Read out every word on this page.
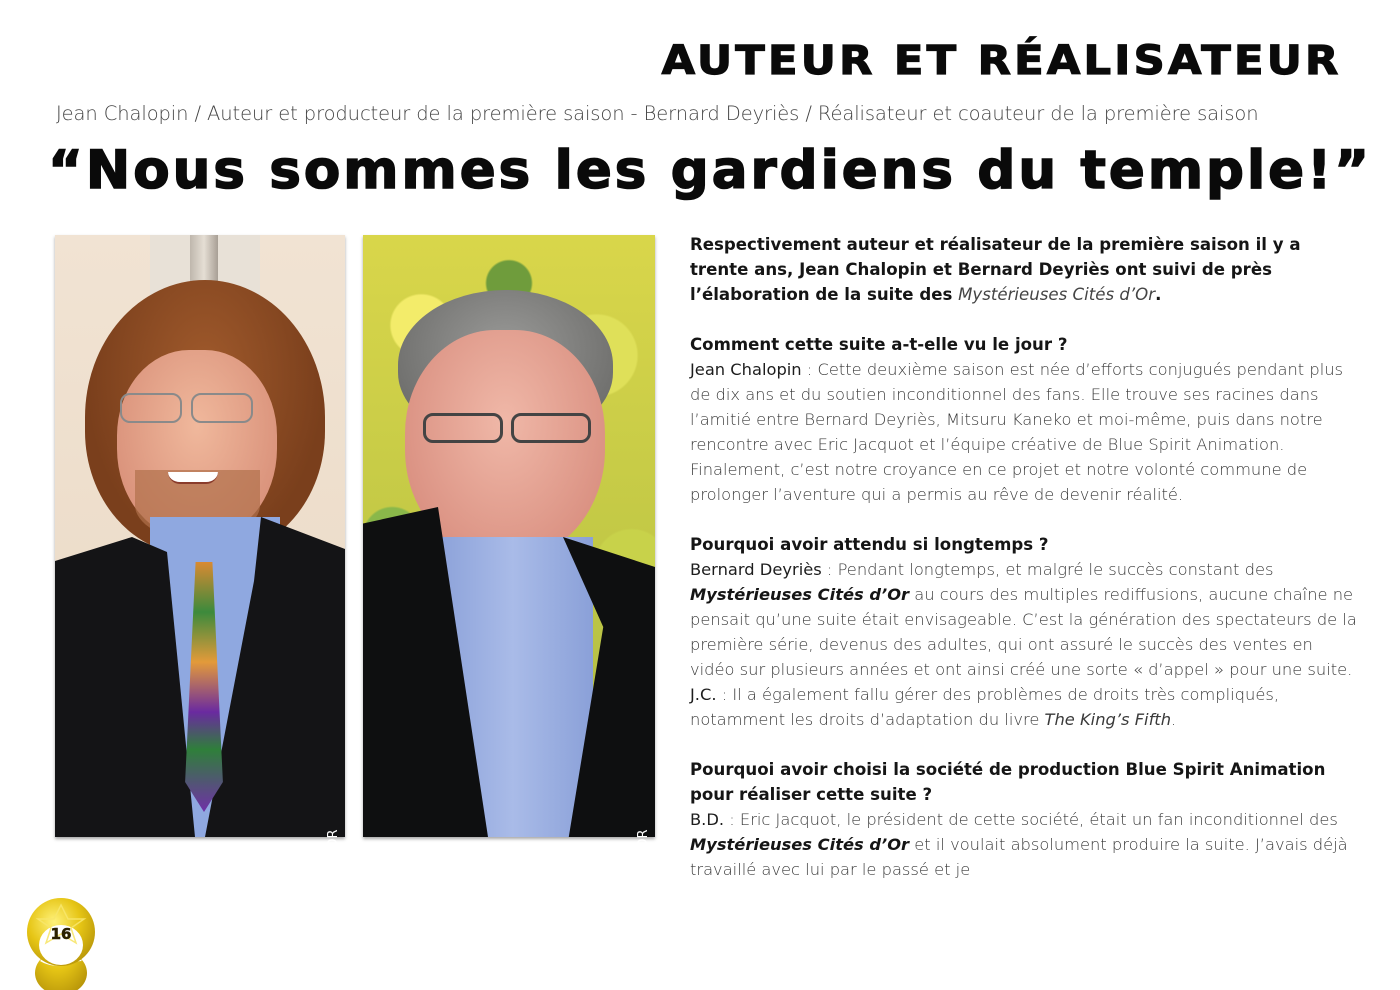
AUTEUR ET RÉALISATEUR
Jean Chalopin / Auteur et producteur de la première saison - Bernard Deyriès / Réalisateur et coauteur de la première saison
“Nous sommes les gardiens du temple!”
DR	DR

Respectivement auteur et réalisateur de la première saison il y a trente ans, Jean Chalopin et Bernard Deyriès ont suivi de près l’élaboration de la suite des Mystérieuses Cités d’Or.

Comment cette suite a-t-elle vu le jour ?

Jean Chalopin : Cette deuxième saison est née d’efforts conjugués pendant plus de dix ans et du soutien inconditionnel des fans. Elle trouve ses racines dans l’amitié entre Bernard Deyriès, Mitsuru Kaneko et moi-même, puis dans notre rencontre avec Eric Jacquot et l’équipe créative de Blue Spirit Animation. Finalement, c’est notre croyance en ce projet et notre volonté commune de prolonger l’aventure qui a permis au rêve de devenir réalité.

Pourquoi avoir attendu si longtemps ?

Bernard Deyriès : Pendant longtemps, et malgré le succès constant des Mystérieuses Cités d’Or au cours des multiples rediffusions, aucune chaîne ne pensait qu’une suite était envisageable. C’est la génération des spectateurs de la première série, devenus des adultes, qui ont assuré le succès des ventes en vidéo sur plusieurs années et ont ainsi créé une sorte « d’appel » pour une suite.

J.C. : Il a également fallu gérer des problèmes de droits très compliqués, notamment les droits d’adaptation du livre The King’s Fifth.

Pourquoi avoir choisi la société de production Blue Spirit Animation pour réaliser cette suite ?

B.D. : Eric Jacquot, le président de cette société, était un fan inconditionnel des Mystérieuses Cités d’Or et il voulait absolument produire la suite. J’avais déjà travaillé avec lui par le passé et je

16
